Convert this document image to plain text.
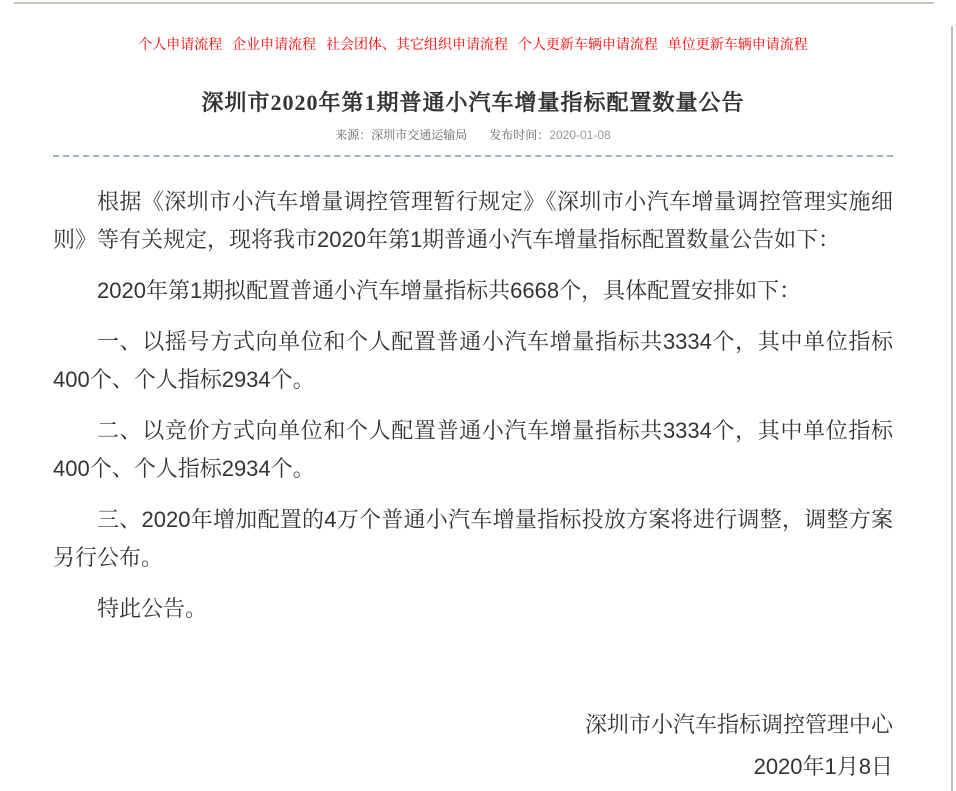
个人申请流程 企业申请流程 社会团体、其它组织申请流程 个人更新车辆申请流程 单位更新车辆申请流程
深圳市2020年第1期普通小汽车增量指标配置数量公告
来源：深圳市交通运输局 发布时间：2020-01-08

根据《深圳市小汽车增量调控管理暂行规定》《深圳市小汽车增量调控管理实施细则》等有关规定，现将我市2020年第1期普通小汽车增量指标配置数量公告如下：

2020年第1期拟配置普通小汽车增量指标共6668个，具体配置安排如下：

一、以摇号方式向单位和个人配置普通小汽车增量指标共3334个，其中单位指标400个、个人指标2934个。

二、以竞价方式向单位和个人配置普通小汽车增量指标共3334个，其中单位指标400个、个人指标2934个。

三、2020年增加配置的4万个普通小汽车增量指标投放方案将进行调整，调整方案另行公布。

特此公告。

深圳市小汽车指标调控管理中心

2020年1月8日
